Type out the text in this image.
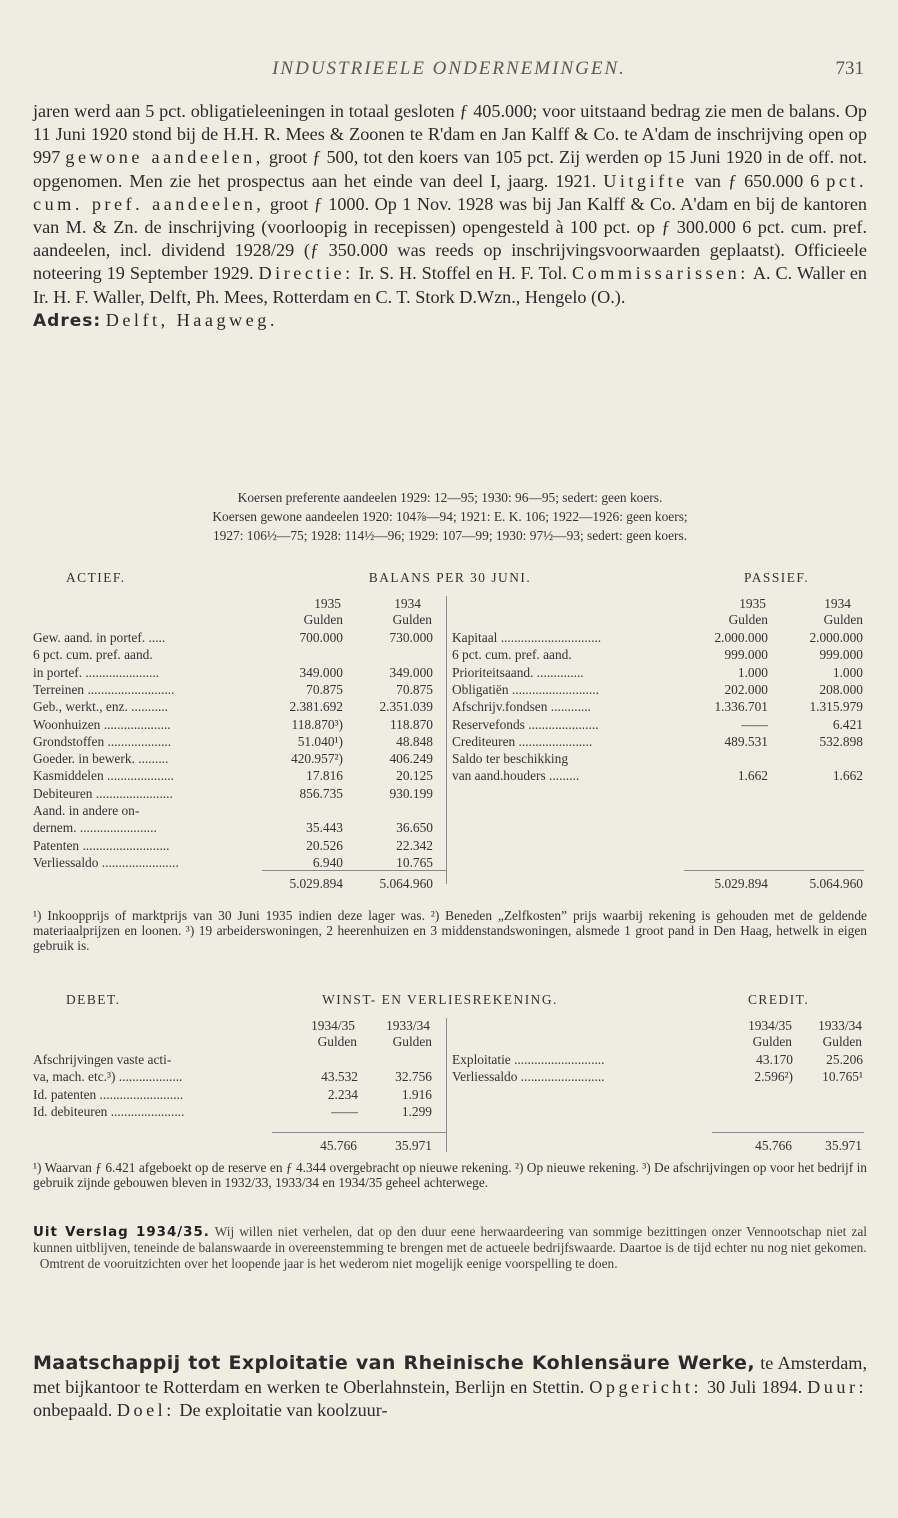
INDUSTRIEELE ONDERNEMINGEN.	731
jaren werd aan 5 pct. obligatieleeningen in totaal gesloten ƒ 405.000; voor uitstaand bedrag zie men de balans. Op 11 Juni 1920 stond bij de H.H. R. Mees & Zoonen te R'dam en Jan Kalff & Co. te A'dam de inschrijving open op 997 gewone aandeelen, groot ƒ 500, tot den koers van 105 pct. Zij werden op 15 Juni 1920 in de off. not. opgenomen. Men zie het prospectus aan het einde van deel I, jaarg. 1921. Uitgifte van ƒ 650.000 6 pct. cum. pref. aandeelen, groot ƒ 1000. Op 1 Nov. 1928 was bij Jan Kalff & Co. A'dam en bij de kantoren van M. & Zn. de inschrijving (voorloopig in recepissen) opengesteld à 100 pct. op ƒ 300.000 6 pct. cum. pref. aandeelen, incl. dividend 1928/29 (ƒ 350.000 was reeds op inschrijvingsvoorwaarden geplaatst). Officieele noteering 19 September 1929. Directie: Ir. S. H. Stoffel en H. F. Tol. Commissarissen: A. C. Waller en Ir. H. F. Waller, Delft, Ph. Mees, Rotterdam en C. T. Stork D.Wzn., Hengelo (O.).
Adres: Delft, Haagweg.
Koersen preferente aandeelen 1929: 12—95; 1930: 96—95; sedert: geen koers.
Koersen gewone aandeelen 1920: 104⅞—94; 1921: E. K. 106; 1922—1926: geen koers;
1927: 106½—75; 1928: 114½—96; 1929: 107—99; 1930: 97½—93; sedert: geen koers.
ACTIEF.	BALANS PER 30 JUNI.	PASSIEF.
1935	1934
Gulden	Gulden
1935	1934
Gulden	Gulden
Gew. aand. in portef. .....	700.000	730.000
6 pct. cum. pref. aand.
in portef. ......................	349.000	349.000
Terreinen ..........................	70.875	70.875
Geb., werkt., enz. ...........	2.381.692	2.351.039
Woonhuizen ....................	118.870³)	118.870
Grondstoffen ...................	51.040¹)	48.848
Goeder. in bewerk. .........	420.957²)	406.249
Kasmiddelen ....................	17.816	20.125
Debiteuren .......................	856.735	930.199
Aand. in andere on-
dernem. .......................	35.443	36.650
Patenten ..........................	20.526	22.342
Verliessaldo .......................	6.940	10.765
Kapitaal ..............................	2.000.000	2.000.000
6 pct. cum. pref. aand.	999.000	999.000
Prioriteitsaand. ..............	1.000	1.000
Obligatiën ..........................	202.000	208.000
Afschrijv.fondsen ............	1.336.701	1.315.979
Reservefonds .....................	——	6.421
Crediteuren ......................	489.531	532.898
Saldo ter beschikking
van aand.houders .........	1.662	1.662
5.029.894	5.064.960	5.029.894	5.064.960
¹) Inkoopprijs of marktprijs van 30 Juni 1935 indien deze lager was. ²) Beneden „Zelfkosten” prijs waarbij rekening is gehouden met de geldende materiaalprijzen en loonen. ³) 19 arbeiderswoningen, 2 heerenhuizen en 3 middenstandswoningen, alsmede 1 groot pand in Den Haag, hetwelk in eigen gebruik is.
DEBET.	WINST- EN VERLIESREKENING.	CREDIT.
1934/35	1933/34
Gulden	Gulden
1934/35	1933/34
Gulden	Gulden
Afschrijvingen vaste acti-
va, mach. etc.³) ...................	43.532	32.756
Id. patenten .........................	2.234	1.916
Id. debiteuren ......................	——	1.299
Exploitatie ...........................	43.170	25.206
Verliessaldo .........................	2.596²)	10.765¹
45.766	35.971	45.766	35.971
¹) Waarvan ƒ 6.421 afgeboekt op de reserve en ƒ 4.344 overgebracht op nieuwe rekening. ²) Op nieuwe rekening. ³) De afschrijvingen op voor het bedrijf in gebruik zijnde gebouwen bleven in 1932/33, 1933/34 en 1934/35 geheel achterwege.
Uit Verslag 1934/35. Wij willen niet verhelen, dat op den duur eene herwaardeering van sommige bezittingen onzer Vennootschap niet zal kunnen uitblijven, teneinde de balanswaarde in overeenstemming te brengen met de actueele bedrijfswaarde. Daartoe is de tijd echter nu nog niet gekomen.
Omtrent de vooruitzichten over het loopende jaar is het wederom niet mogelijk eenige voorspelling te doen.
Maatschappij tot Exploitatie van Rheinische Kohlensäure Werke, te Amsterdam, met bijkantoor te Rotterdam en werken te Oberlahnstein, Berlijn en Stettin. Opgericht: 30 Juli 1894. Duur: onbepaald. Doel: De exploitatie van koolzuur-
